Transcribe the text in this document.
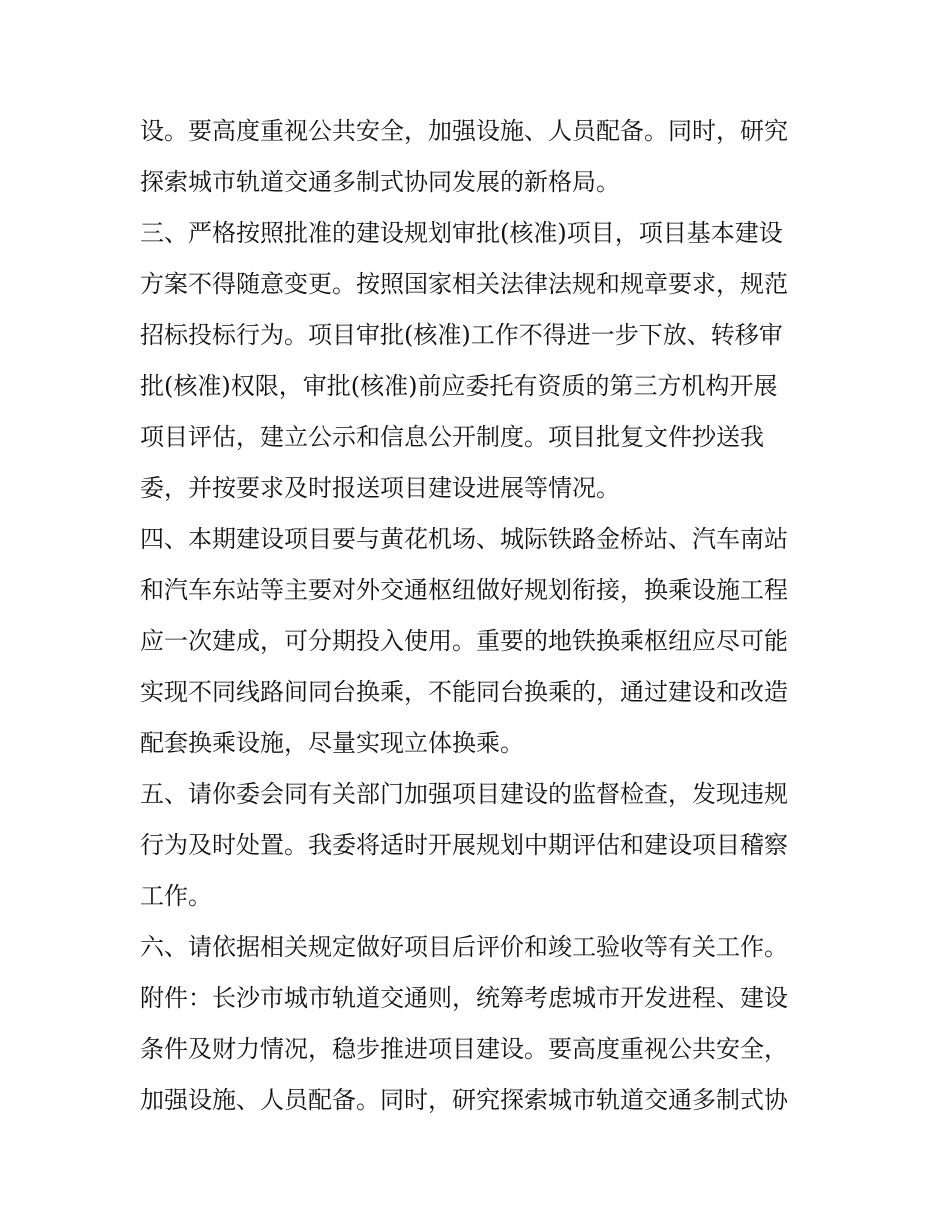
设。要高度重视公共安全，加强设施、人员配备。同时，研究
探索城市轨道交通多制式协同发展的新格局。
三、严格按照批准的建设规划审批(核准)项目，项目基本建设
方案不得随意变更。按照国家相关法律法规和规章要求，规范
招标投标行为。项目审批(核准)工作不得进一步下放、转移审
批(核准)权限，审批(核准)前应委托有资质的第三方机构开展
项目评估，建立公示和信息公开制度。项目批复文件抄送我
委，并按要求及时报送项目建设进展等情况。
四、本期建设项目要与黄花机场、城际铁路金桥站、汽车南站
和汽车东站等主要对外交通枢纽做好规划衔接，换乘设施工程
应一次建成，可分期投入使用。重要的地铁换乘枢纽应尽可能
实现不同线路间同台换乘，不能同台换乘的，通过建设和改造
配套换乘设施，尽量实现立体换乘。
五、请你委会同有关部门加强项目建设的监督检查，发现违规
行为及时处置。我委将适时开展规划中期评估和建设项目稽察
工作。
六、请依据相关规定做好项目后评价和竣工验收等有关工作。
附件：长沙市城市轨道交通则，统筹考虑城市开发进程、建设
条件及财力情况，稳步推进项目建设。要高度重视公共安全，
加强设施、人员配备。同时，研究探索城市轨道交通多制式协
